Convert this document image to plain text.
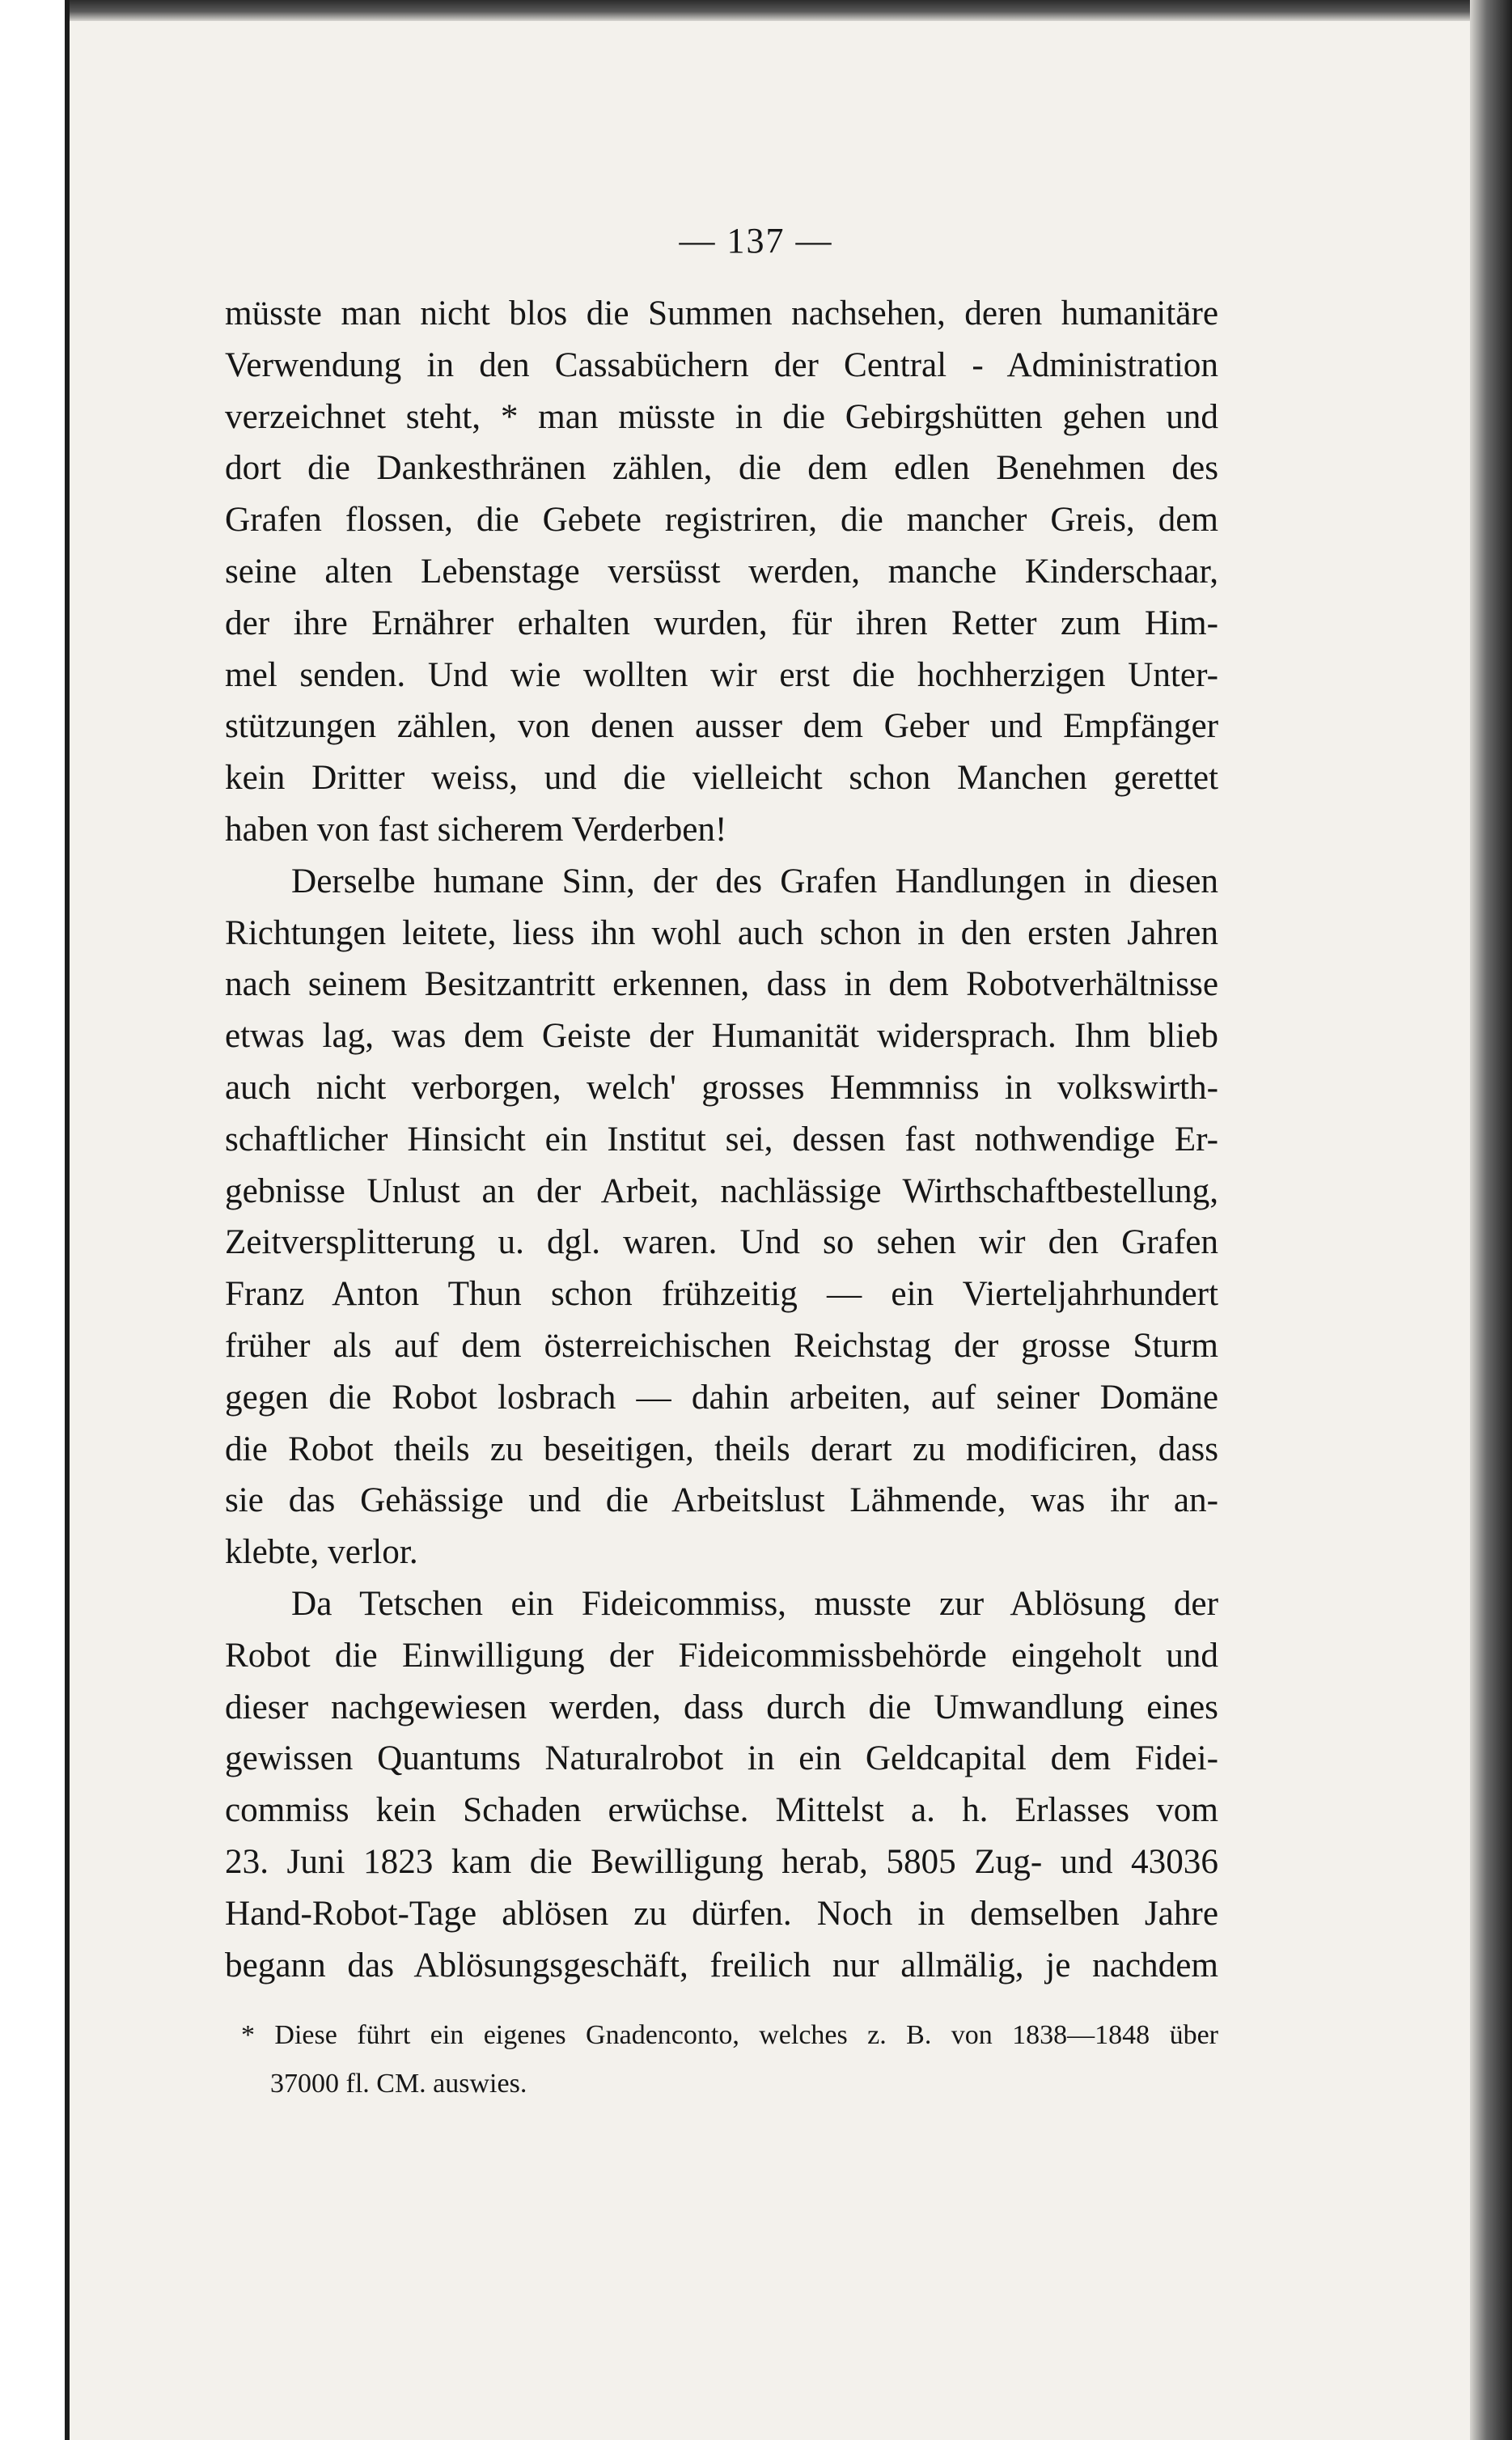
— 137 —

müsste man nicht blos die Summen nachsehen, deren humanitäre
Verwendung in den Cassabüchern der Central - Administration
verzeichnet steht, * man müsste in die Gebirgshütten gehen und
dort die Dankesthränen zählen, die dem edlen Benehmen des
Grafen flossen, die Gebete registriren, die mancher Greis, dem
seine alten Lebenstage versüsst werden, manche Kinderschaar,
der ihre Ernährer erhalten wurden, für ihren Retter zum Him-
mel senden. Und wie wollten wir erst die hochherzigen Unter-
stützungen zählen, von denen ausser dem Geber und Empfänger
kein Dritter weiss, und die vielleicht schon Manchen gerettet
haben von fast sicherem Verderben!

Derselbe humane Sinn, der des Grafen Handlungen in diesen
Richtungen leitete, liess ihn wohl auch schon in den ersten Jahren
nach seinem Besitzantritt erkennen, dass in dem Robotverhältnisse
etwas lag, was dem Geiste der Humanität widersprach. Ihm blieb
auch nicht verborgen, welch' grosses Hemmniss in volkswirth-
schaftlicher Hinsicht ein Institut sei, dessen fast nothwendige Er-
gebnisse Unlust an der Arbeit, nachlässige Wirthschaftbestellung,
Zeitversplitterung u. dgl. waren. Und so sehen wir den Grafen
Franz Anton Thun schon frühzeitig — ein Vierteljahrhundert
früher als auf dem österreichischen Reichstag der grosse Sturm
gegen die Robot losbrach — dahin arbeiten, auf seiner Domäne
die Robot theils zu beseitigen, theils derart zu modificiren, dass
sie das Gehässige und die Arbeitslust Lähmende, was ihr an-
klebte, verlor.

Da Tetschen ein Fideicommiss, musste zur Ablösung der
Robot die Einwilligung der Fideicommissbehörde eingeholt und
dieser nachgewiesen werden, dass durch die Umwandlung eines
gewissen Quantums Naturalrobot in ein Geldcapital dem Fidei-
commiss kein Schaden erwüchse. Mittelst a. h. Erlasses vom
23. Juni 1823 kam die Bewilligung herab, 5805 Zug- und 43036
Hand-Robot-Tage ablösen zu dürfen. Noch in demselben Jahre
begann das Ablösungsgeschäft, freilich nur allmälig, je nachdem

* Diese führt ein eigenes Gnadenconto, welches z. B. von 1838—1848 über
37000 fl. CM. auswies.
